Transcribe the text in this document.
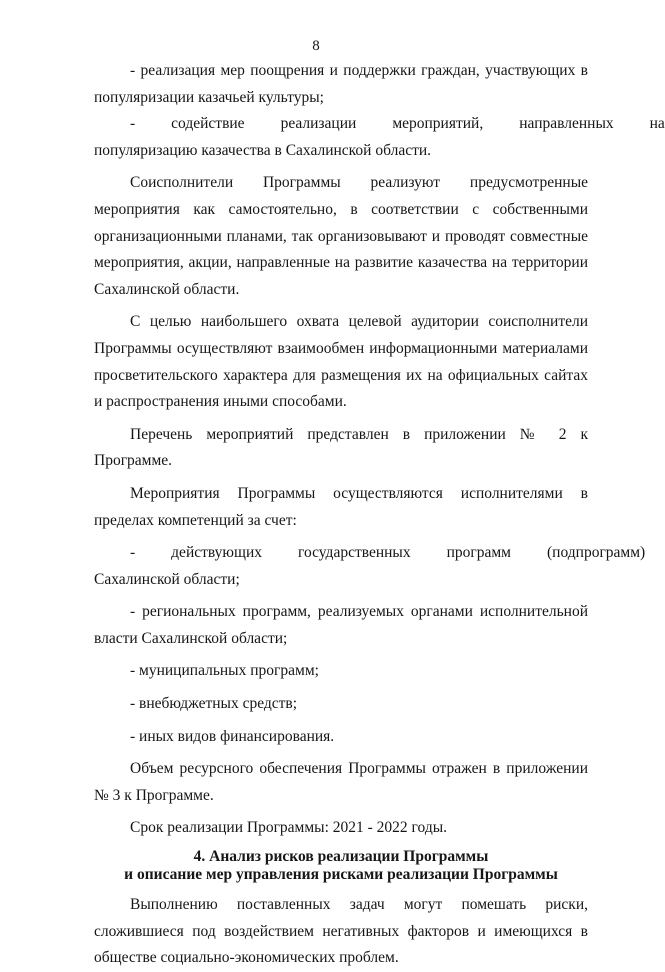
8

- реализация мер поощрения и поддержки граждан, участвующих в популяризации казачьей культуры;

-	содействие	реализации	мероприятий,	направленных	на

популяризацию казачества в Сахалинской области.

Соисполнители Программы реализуют предусмотренные мероприятия как самостоятельно, в соответствии с собственными организационными планами, так организовывают и проводят совместные мероприятия, акции, направленные на развитие казачества на территории Сахалинской области.

С целью наибольшего охвата целевой аудитории соисполнители Программы осуществляют взаимообмен информационными материалами просветительского характера для размещения их на официальных сайтах и распространения иными способами.

Перечень мероприятий представлен в приложении № 2 к Программе.

Мероприятия Программы осуществляются исполнителями в пределах компетенций за счет:

-	действующих	государственных	программ	(подпрограмм)

Сахалинской области;

- региональных программ, реализуемых органами исполнительной власти Сахалинской области;

- муниципальных программ;

- внебюджетных средств;

- иных видов финансирования.

Объем ресурсного обеспечения Программы отражен в приложении № 3 к Программе.

Срок реализации Программы: 2021 - 2022 годы.

4. Анализ рисков реализации Программы
и описание мер управления рисками реализации Программы

Выполнению поставленных задач могут помешать риски, сложившиеся под воздействием негативных факторов и имеющихся в обществе социально-экономических проблем.
